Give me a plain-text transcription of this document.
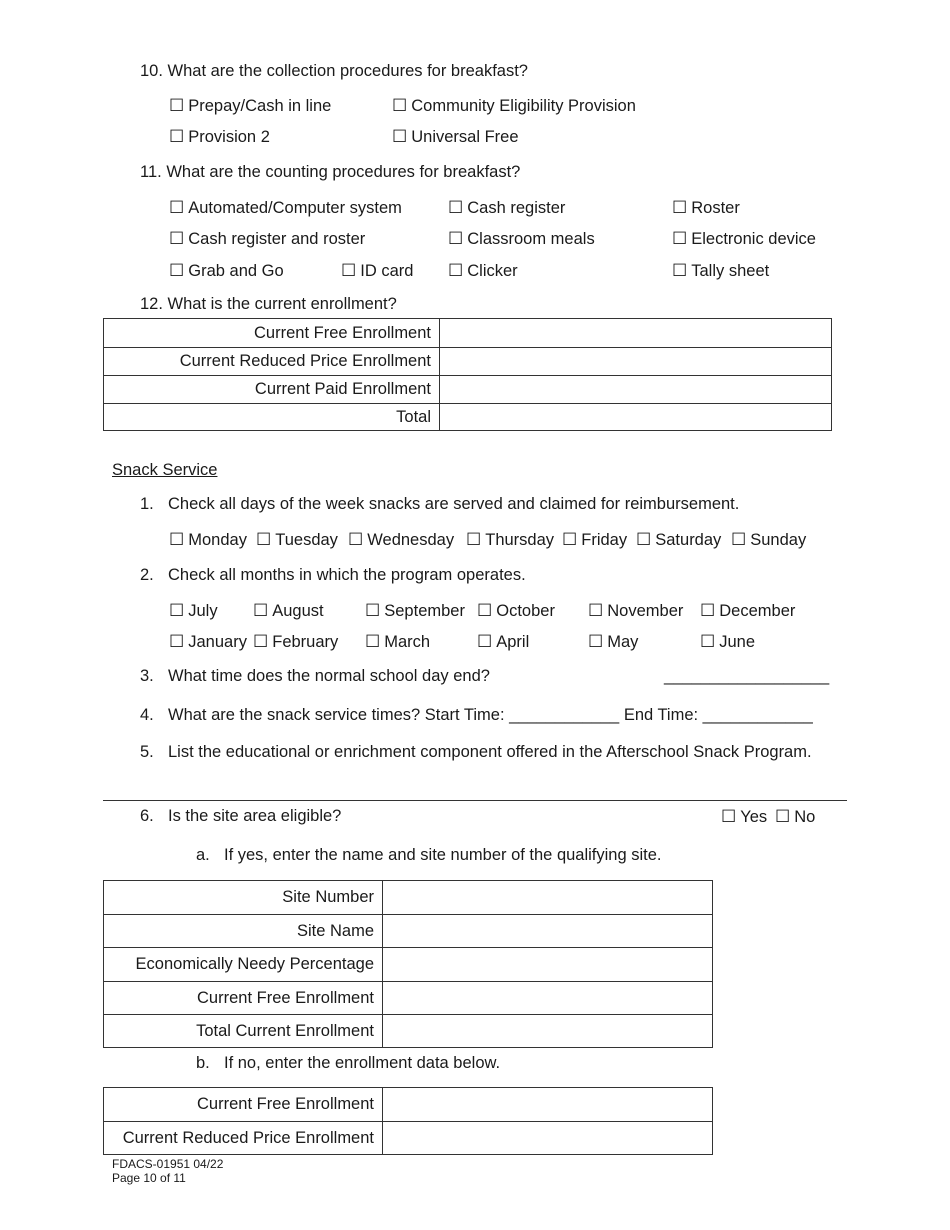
10. What are the collection procedures for breakfast?
☐ Prepay/Cash in line	☐ Community Eligibility Provision
☐ Provision 2	☐ Universal Free
11. What are the counting procedures for breakfast?
☐ Automated/Computer system	☐ Cash register	☐ Roster
☐ Cash register and roster	☐ Classroom meals	☐ Electronic device
☐ Grab and Go	☐ ID card ☐ Clicker	☐ Tally sheet
12. What is the current enrollment?
Current Free Enrollment	
Current Reduced Price Enrollment	
Current Paid Enrollment	
Total	
Snack Service
1. Check all days of the week snacks are served and claimed for reimbursement.
☐ Monday ☐ Tuesday ☐ Wednesday ☐ Thursday ☐ Friday ☐ Saturday ☐ Sunday
2. Check all months in which the program operates.
☐ July ☐ August ☐ September ☐ October ☐ November ☐ December
☐ January ☐ February ☐ March	☐ April	☐ May	☐ June
3. What time does the normal school day end?	__________________
4. What are the snack service times? Start Time: ____________ End Time: ____________
5. List the educational or enrichment component offered in the Afterschool Snack Program.
6. Is the site area eligible?	☐ Yes ☐ No
a. If yes, enter the name and site number of the qualifying site.
Site Number	
Site Name	
Economically Needy Percentage	
Current Free Enrollment	
Total Current Enrollment	
b. If no, enter the enrollment data below.
Current Free Enrollment	
Current Reduced Price Enrollment	
FDACS-01951 04/22
Page 10 of 11
